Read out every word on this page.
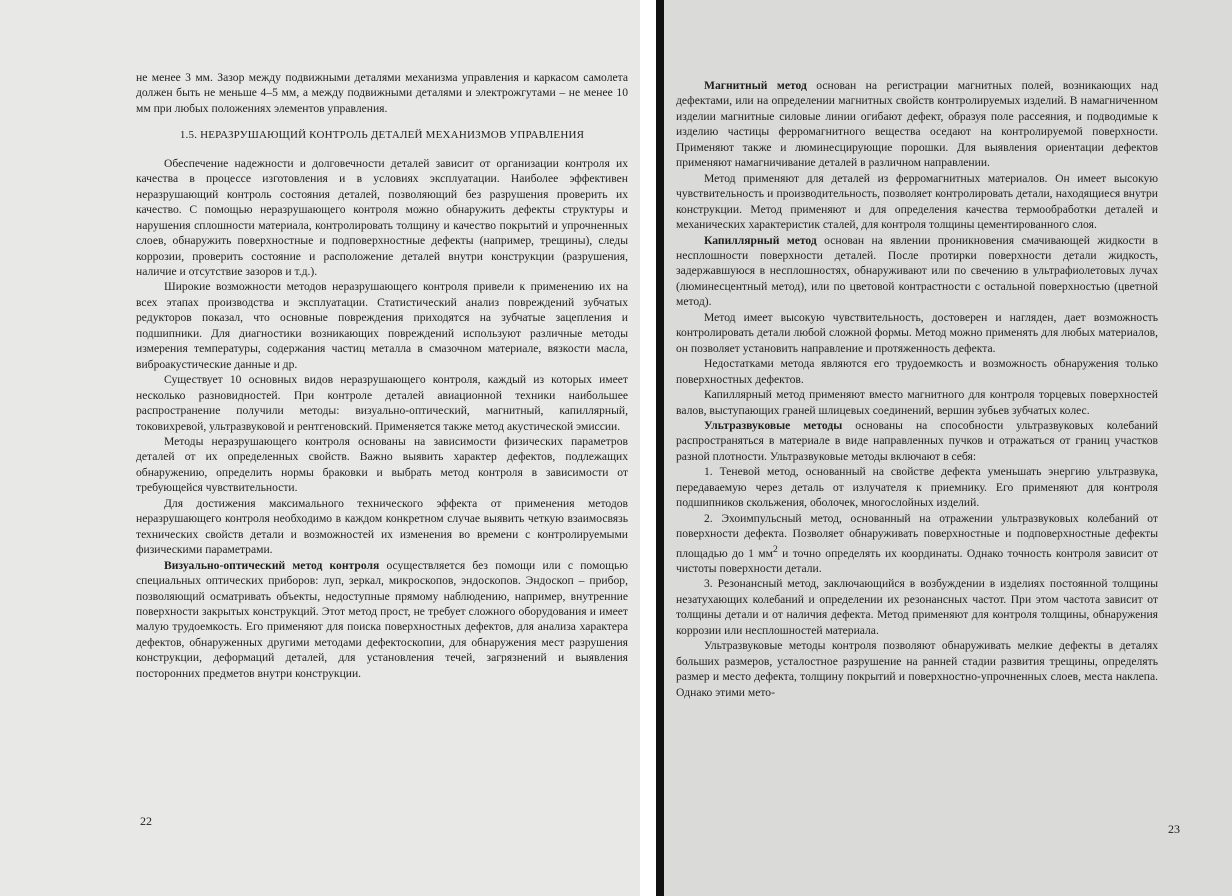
не менее 3 мм. Зазор между подвижными деталями механизма управления и каркасом самолета должен быть не меньше 4–5 мм, а между подвижными деталями и электрожгутами – не менее 10 мм при любых положениях элементов управления.

1.5. НЕРАЗРУШАЮЩИЙ КОНТРОЛЬ ДЕТАЛЕЙ МЕХАНИЗМОВ УПРАВЛЕНИЯ

Обеспечение надежности и долговечности деталей зависит от организации контроля их качества в процессе изготовления и в условиях эксплуатации. Наиболее эффективен неразрушающий контроль состояния деталей, позволяющий без разрушения проверить их качество. С помощью неразрушающего контроля можно обнаружить дефекты структуры и нарушения сплошности материала, контролировать толщину и качество покрытий и упрочненных слоев, обнаружить поверхностные и подповерхностные дефекты (например, трещины), следы коррозии, проверить состояние и расположение деталей внутри конструкции (разрушения, наличие и отсутствие зазоров и т.д.).

Широкие возможности методов неразрушающего контроля привели к применению их на всех этапах производства и эксплуатации. Статистический анализ повреждений зубчатых редукторов показал, что основные повреждения приходятся на зубчатые зацепления и подшипники. Для диагностики возникающих повреждений используют различные методы измерения температуры, содержания частиц металла в смазочном материале, вязкости масла, виброакустические данные и др.

Существует 10 основных видов неразрушающего контроля, каждый из которых имеет несколько разновидностей. При контроле деталей авиационной техники наибольшее распространение получили методы: визуально-оптический, магнитный, капиллярный, токовихревой, ультразвуковой и рентгеновский. Применяется также метод акустической эмиссии.

Методы неразрушающего контроля основаны на зависимости физических параметров деталей от их определенных свойств. Важно выявить характер дефектов, подлежащих обнаружению, определить нормы браковки и выбрать метод контроля в зависимости от требующейся чувствительности.

Для достижения максимального технического эффекта от применения методов неразрушающего контроля необходимо в каждом конкретном случае выявить четкую взаимосвязь технических свойств детали и возможностей их изменения во времени с контролируемыми физическими параметрами.

Визуально-оптический метод контроля осуществляется без помощи или с помощью специальных оптических приборов: луп, зеркал, микроскопов, эндоскопов. Эндоскоп – прибор, позволяющий осматривать объекты, недоступные прямому наблюдению, например, внутренние поверхности закрытых конструкций. Этот метод прост, не требует сложного оборудования и имеет малую трудоемкость. Его применяют для поиска поверхностных дефектов, для анализа характера дефектов, обнаруженных другими методами дефектоскопии, для обнаружения мест разрушения конструкции, деформаций деталей, для установления течей, загрязнений и выявления посторонних предметов внутри конструкции.

22

Магнитный метод основан на регистрации магнитных полей, возникающих над дефектами, или на определении магнитных свойств контролируемых изделий. В намагниченном изделии магнитные силовые линии огибают дефект, образуя поле рассеяния, и подводимые к изделию частицы ферромагнитного вещества оседают на контролируемой поверхности. Применяют также и люминесцирующие порошки. Для выявления ориентации дефектов применяют намагничивание деталей в различном направлении.

Метод применяют для деталей из ферромагнитных материалов. Он имеет высокую чувствительность и производительность, позволяет контролировать детали, находящиеся внутри конструкции. Метод применяют и для определения качества термообработки деталей и механических характеристик сталей, для контроля толщины цементированного слоя.

Капиллярный метод основан на явлении проникновения смачивающей жидкости в несплошности поверхности деталей. После протирки поверхности детали жидкость, задержавшуюся в несплошностях, обнаруживают или по свечению в ультрафиолетовых лучах (люминесцентный метод), или по цветовой контрастности с остальной поверхностью (цветной метод).

Метод имеет высокую чувствительность, достоверен и нагляден, дает возможность контролировать детали любой сложной формы. Метод можно применять для любых материалов, он позволяет установить направление и протяженность дефекта.

Недостатками метода являются его трудоемкость и возможность обнаружения только поверхностных дефектов.

Капиллярный метод применяют вместо магнитного для контроля торцевых поверхностей валов, выступающих граней шлицевых соединений, вершин зубьев зубчатых колес.

Ультразвуковые методы основаны на способности ультразвуковых колебаний распространяться в материале в виде направленных пучков и отражаться от границ участков разной плотности. Ультразвуковые методы включают в себя:

1. Теневой метод, основанный на свойстве дефекта уменьшать энергию ультразвука, передаваемую через деталь от излучателя к приемнику. Его применяют для контроля подшипников скольжения, оболочек, многослойных изделий.

2. Эхоимпульсный метод, основанный на отражении ультразвуковых колебаний от поверхности дефекта. Позволяет обнаруживать поверхностные и подповерхностные дефекты площадью до 1 $мм^2$ и точно определять их координаты. Однако точность контроля зависит от чистоты поверхности детали.

3. Резонансный метод, заключающийся в возбуждении в изделиях постоянной толщины незатухающих колебаний и определении их резонансных частот. При этом частота зависит от толщины детали и от наличия дефекта. Метод применяют для контроля толщины, обнаружения коррозии или несплошностей материала.

Ультразвуковые методы контроля позволяют обнаруживать мелкие дефекты в деталях больших размеров, усталостное разрушение на ранней стадии развития трещины, определять размер и место дефекта, толщину покрытий и поверхностно-упрочненных слоев, места наклепа. Однако этими мето-

23
